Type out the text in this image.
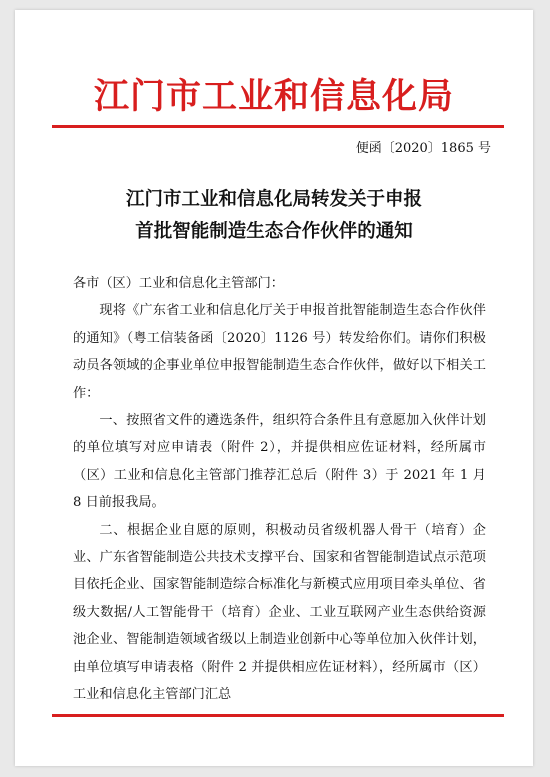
江门市工业和信息化局
便函〔2020〕1865 号
江门市工业和信息化局转发关于申报
首批智能制造生态合作伙伴的通知

各市（区）工业和信息化主管部门：

现将《广东省工业和信息化厅关于申报首批智能制造生态合作伙伴的通知》（粤工信装备函〔2020〕1126 号）转发给你们。请你们积极动员各领域的企事业单位申报智能制造生态合作伙伴，做好以下相关工作：

一、按照省文件的遴选条件，组织符合条件且有意愿加入伙伴计划的单位填写对应申请表（附件 2），并提供相应佐证材料，经所属市（区）工业和信息化主管部门推荐汇总后（附件 3）于 2021 年 1 月 8 日前报我局。

二、根据企业自愿的原则，积极动员省级机器人骨干（培育）企业、广东省智能制造公共技术支撑平台、国家和省智能制造试点示范项目依托企业、国家智能制造综合标准化与新模式应用项目牵头单位、省级大数据/人工智能骨干（培育）企业、工业互联网产业生态供给资源池企业、智能制造领域省级以上制造业创新中心等单位加入伙伴计划，由单位填写申请表格（附件 2 并提供相应佐证材料），经所属市（区）工业和信息化主管部门汇总
